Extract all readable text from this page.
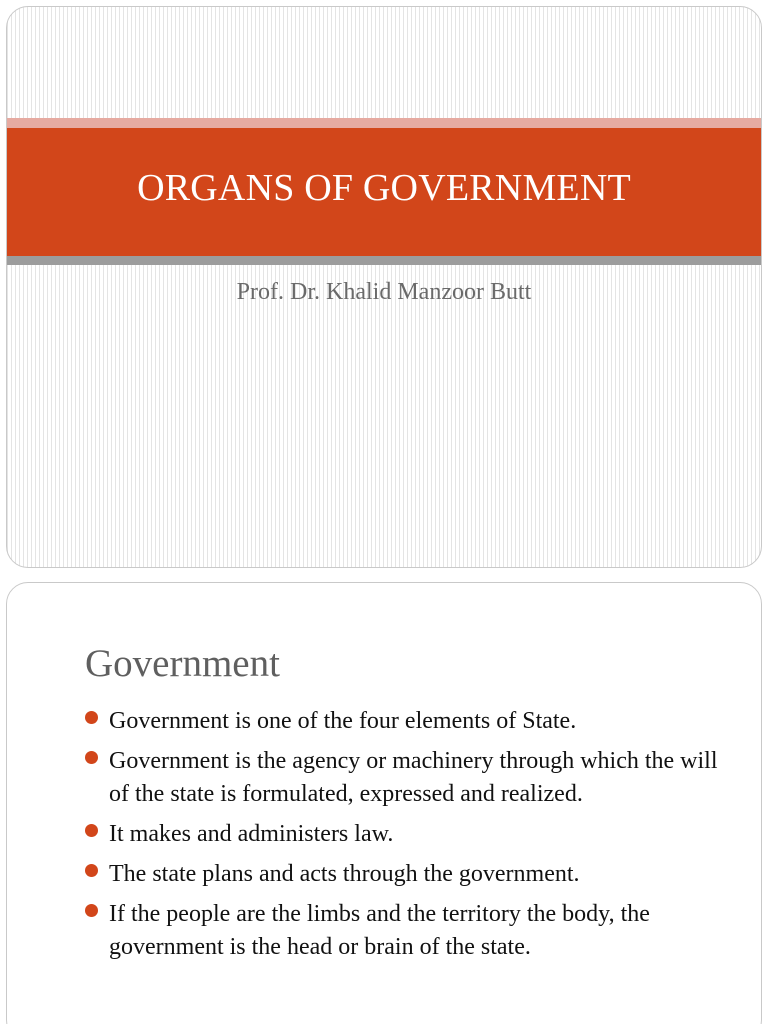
ORGANS OF GOVERNMENT
Prof. Dr. Khalid Manzoor Butt
Government
Government is one of the four elements of State.
Government is the agency or machinery through which the will of the state is formulated, expressed and realized.
It makes and administers law.
The state plans and acts through the government.
If the people are the limbs and the territory the body, the government is the head or brain of the state.
